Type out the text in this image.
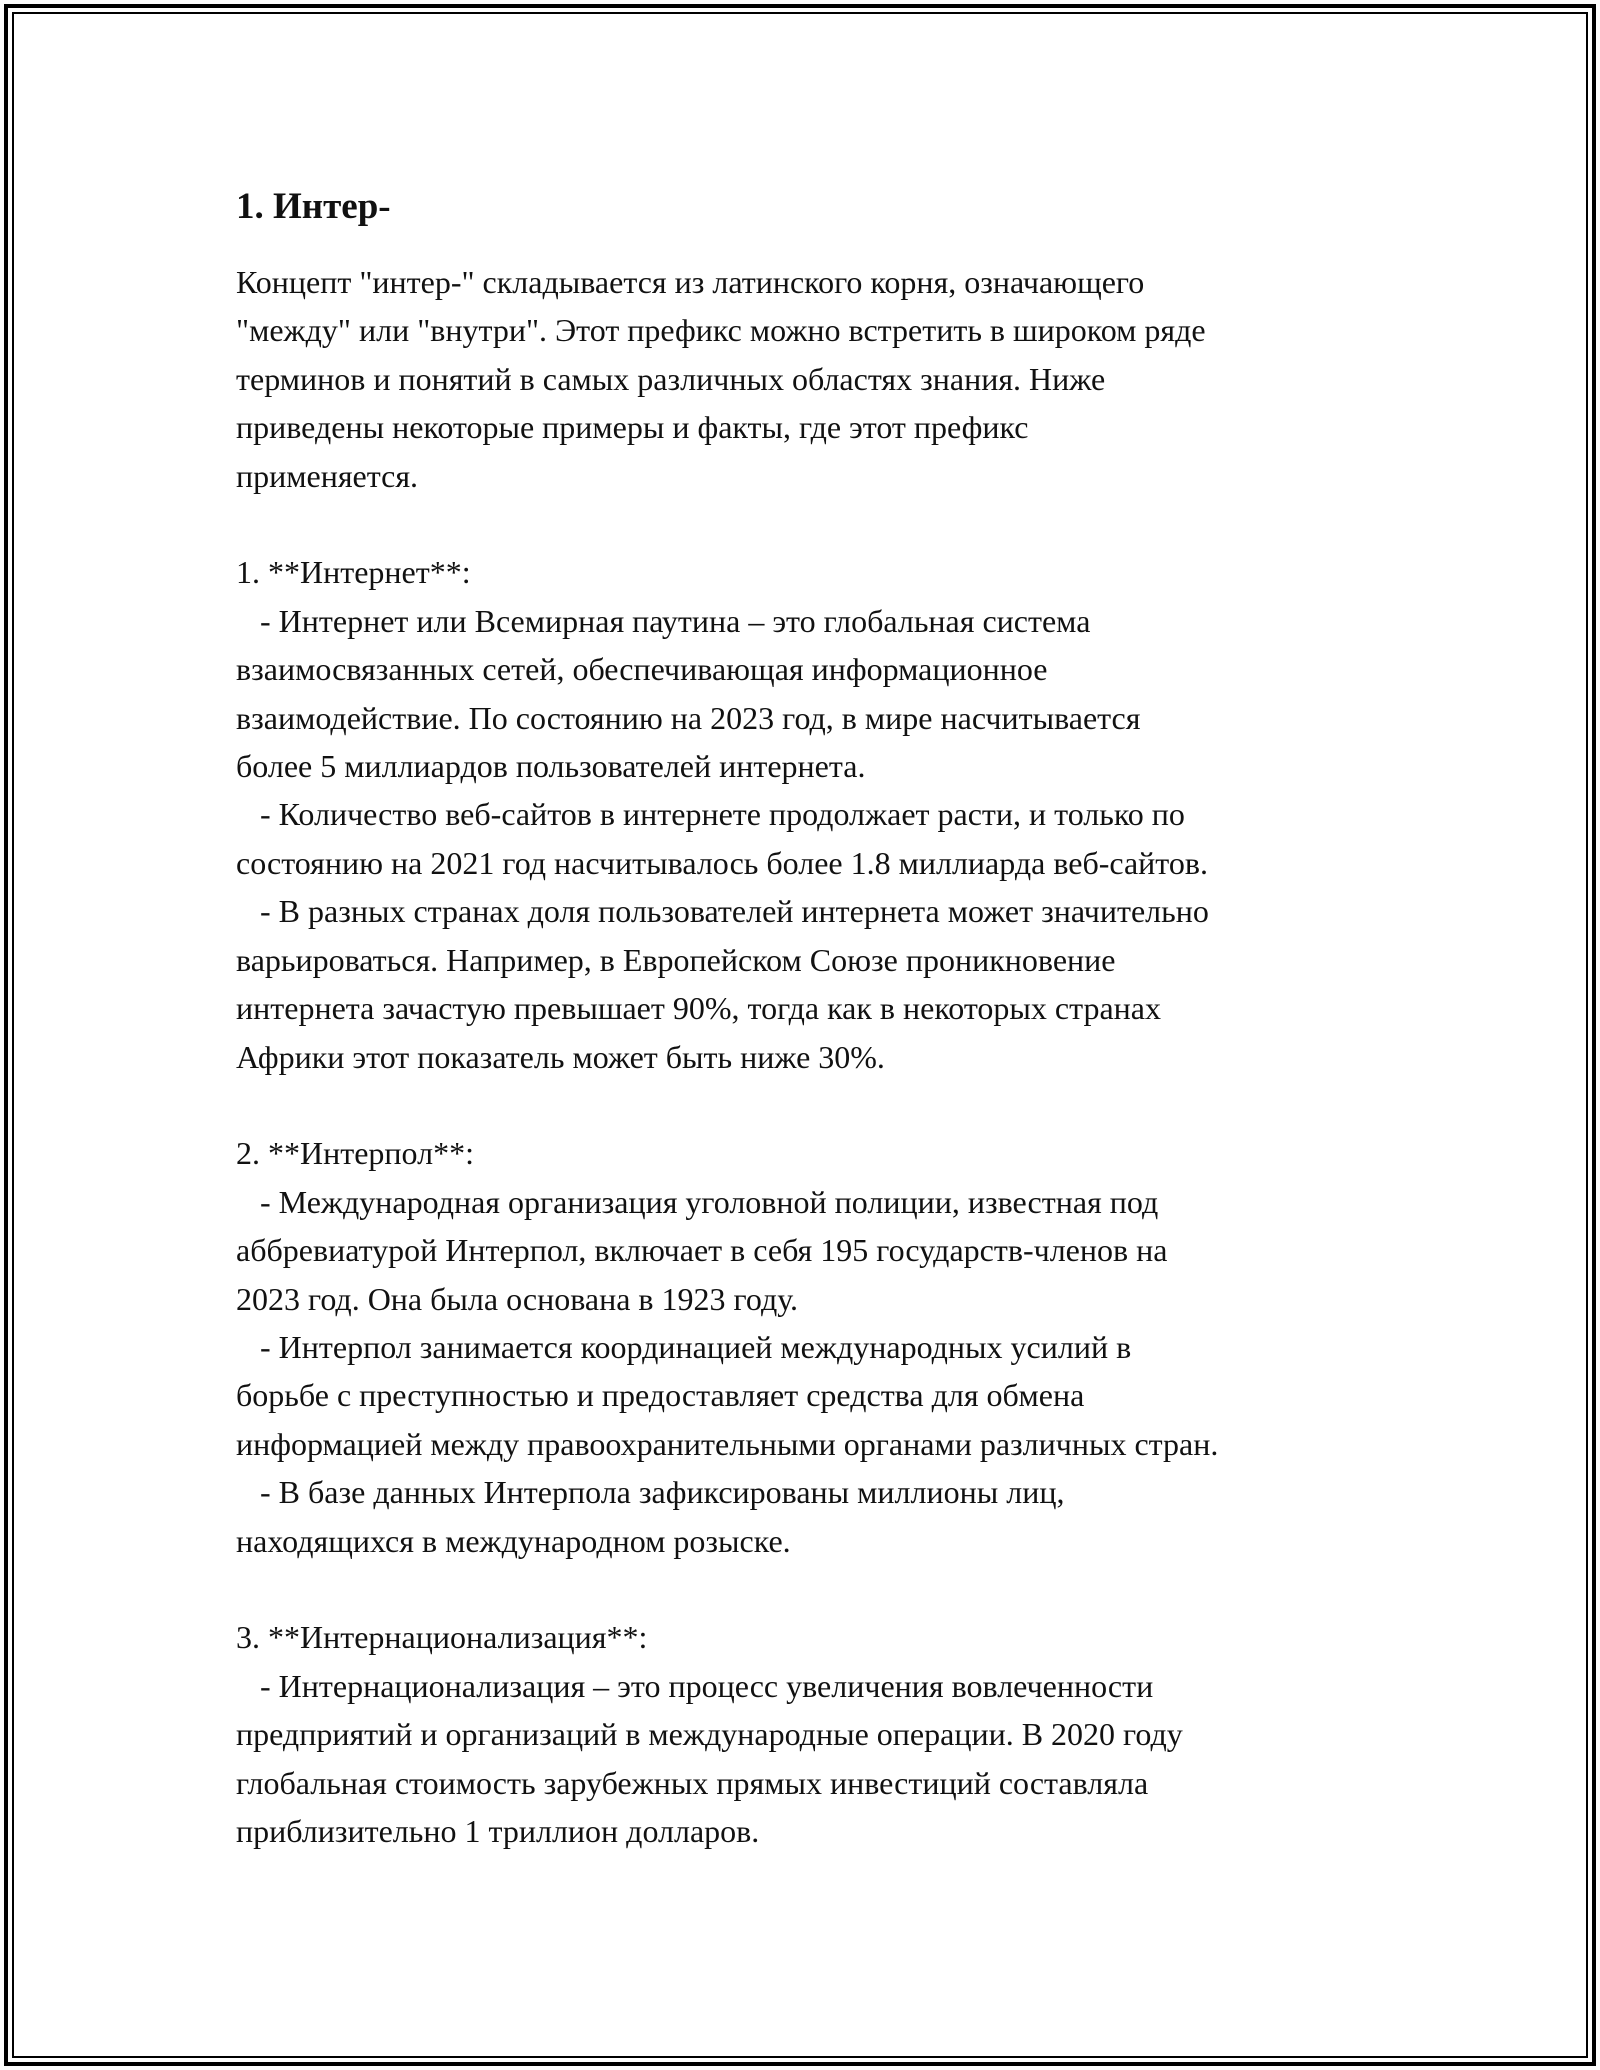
1. Интер-

Концепт "интер-" складывается из латинского корня, означающего
"между" или "внутри". Этот префикс можно встретить в широком ряде
терминов и понятий в самых различных областях знания. Ниже
приведены некоторые примеры и факты, где этот префикс
применяется.

1. **Интернет**:
- Интернет или Всемирная паутина – это глобальная система
взаимосвязанных сетей, обеспечивающая информационное
взаимодействие. По состоянию на 2023 год, в мире насчитывается
более 5 миллиардов пользователей интернета.
- Количество веб-сайтов в интернете продолжает расти, и только по
состоянию на 2021 год насчитывалось более 1.8 миллиарда веб-сайтов.
- В разных странах доля пользователей интернета может значительно
варьироваться. Например, в Европейском Союзе проникновение
интернета зачастую превышает 90%, тогда как в некоторых странах
Африки этот показатель может быть ниже 30%.

2. **Интерпол**:
- Международная организация уголовной полиции, известная под
аббревиатурой Интерпол, включает в себя 195 государств-членов на
2023 год. Она была основана в 1923 году.
- Интерпол занимается координацией международных усилий в
борьбе с преступностью и предоставляет средства для обмена
информацией между правоохранительными органами различных стран.
- В базе данных Интерпола зафиксированы миллионы лиц,
находящихся в международном розыске.

3. **Интернационализация**:
- Интернационализация – это процесс увеличения вовлеченности
предприятий и организаций в международные операции. В 2020 году
глобальная стоимость зарубежных прямых инвестиций составляла
приблизительно 1 триллион долларов.
